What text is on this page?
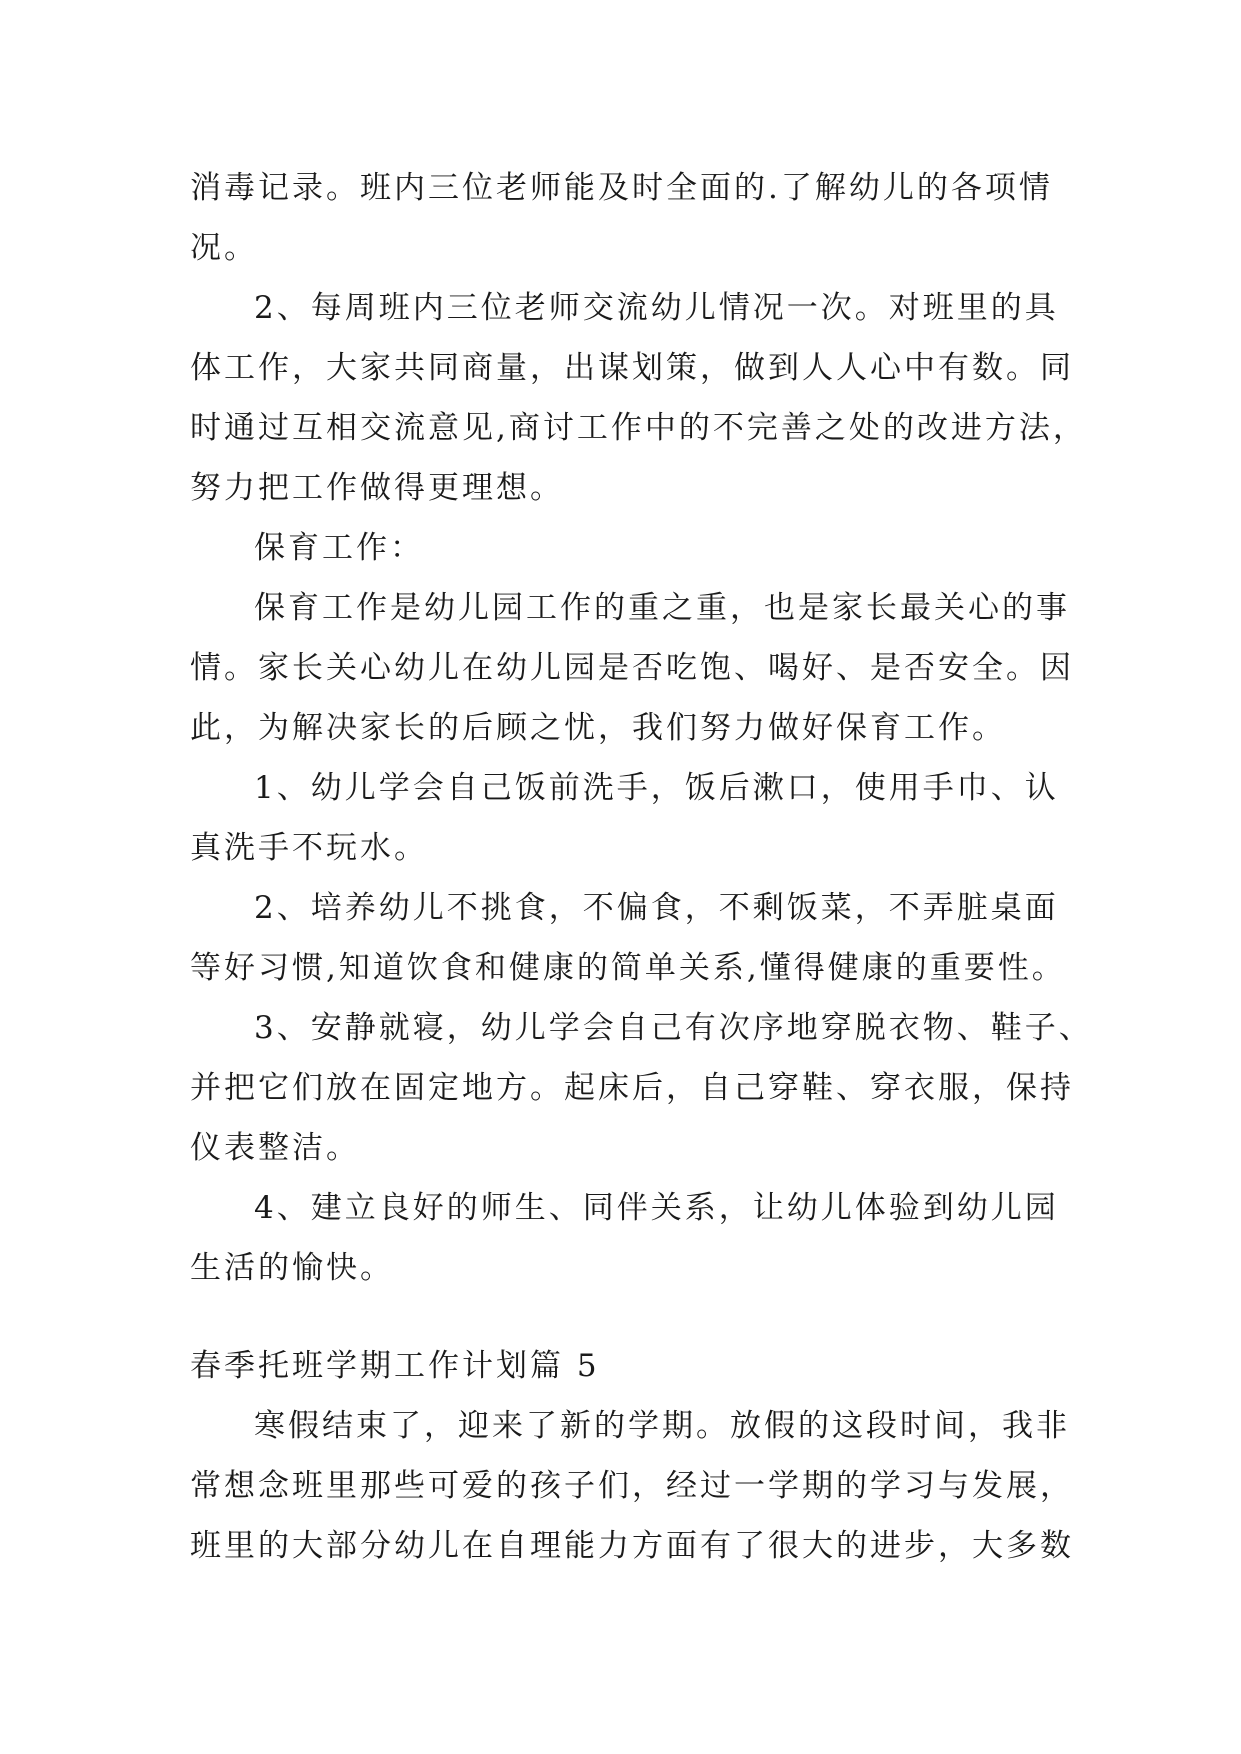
消毒记录。班内三位老师能及时全面的.了解幼儿的各项情

况。

2、每周班内三位老师交流幼儿情况一次。对班里的具

体工作，大家共同商量，出谋划策，做到人人心中有数。同

时通过互相交流意见,商讨工作中的不完善之处的改进方法，

努力把工作做得更理想。

保育工作：

保育工作是幼儿园工作的重之重，也是家长最关心的事

情。家长关心幼儿在幼儿园是否吃饱、喝好、是否安全。因

此，为解决家长的后顾之忧，我们努力做好保育工作。

1、幼儿学会自己饭前洗手，饭后漱口，使用手巾、认

真洗手不玩水。

2、培养幼儿不挑食，不偏食，不剩饭菜，不弄脏桌面

等好习惯,知道饮食和健康的简单关系,懂得健康的重要性。

3、安静就寝，幼儿学会自己有次序地穿脱衣物、鞋子、

并把它们放在固定地方。起床后，自己穿鞋、穿衣服，保持

仪表整洁。

4、建立良好的师生、同伴关系，让幼儿体验到幼儿园

生活的愉快。

春季托班学期工作计划篇 5

寒假结束了，迎来了新的学期。放假的这段时间，我非

常想念班里那些可爱的孩子们，经过一学期的学习与发展，

班里的大部分幼儿在自理能力方面有了很大的进步，大多数
